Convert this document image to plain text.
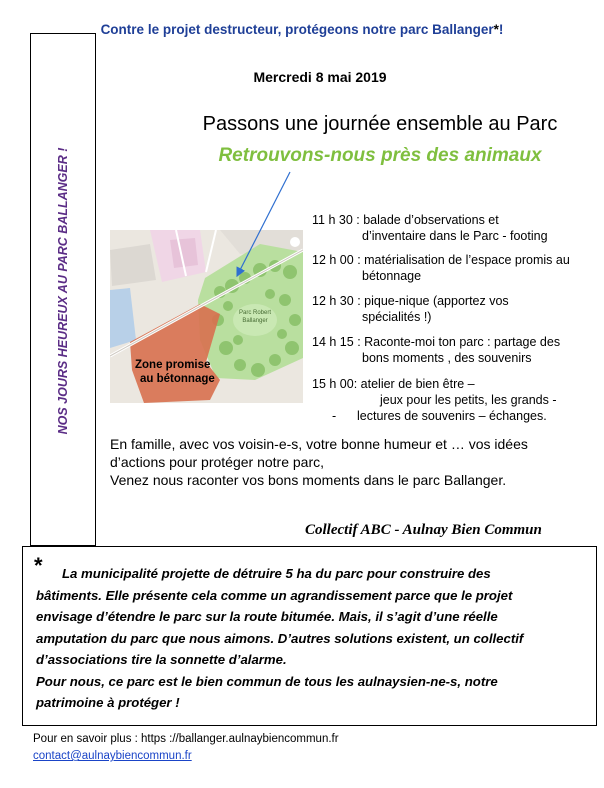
Contre le projet destructeur, protégeons notre parc Ballanger*!
NOS JOURS HEUREUX AU PARC BALLANGER !
Mercredi 8 mai 2019
Passons une journée ensemble au Parc
Retrouvons-nous près des animaux
Parc Robert
Ballanger
Zone promise
au bétonnage
11 h 30 : balade d’observations et
d’inventaire dans le Parc - footing
12 h 00 : matérialisation de l’espace promis au
bétonnage
12 h 30 : pique-nique (apportez vos
spécialités !)
14 h 15 : Raconte-moi ton parc : partage des
bons moments , des souvenirs
15 h 00: atelier de bien être –
jeux pour les petits, les grands -
-      lectures de souvenirs – échanges.
En famille, avec vos voisin-e-s, votre bonne humeur et … vos idées
d’actions pour protéger notre parc,
Venez nous raconter vos bons moments dans le parc Ballanger.
Collectif ABC - Aulnay Bien Commun
*	La municipalité projette de détruire 5 ha du parc pour construire des
bâtiments. Elle présente cela comme un agrandissement parce que le projet
envisage d’étendre le parc sur la route bitumée. Mais, il s’agit d’une réelle
amputation du parc que nous aimons. D’autres solutions existent, un collectif
d’associations tire la sonnette d’alarme.
Pour nous, ce parc est le bien commun de tous les aulnaysien-ne-s, notre
patrimoine à protéger !
Pour en savoir plus : https ://ballanger.aulnaybiencommun.fr
contact@aulnaybiencommun.fr
